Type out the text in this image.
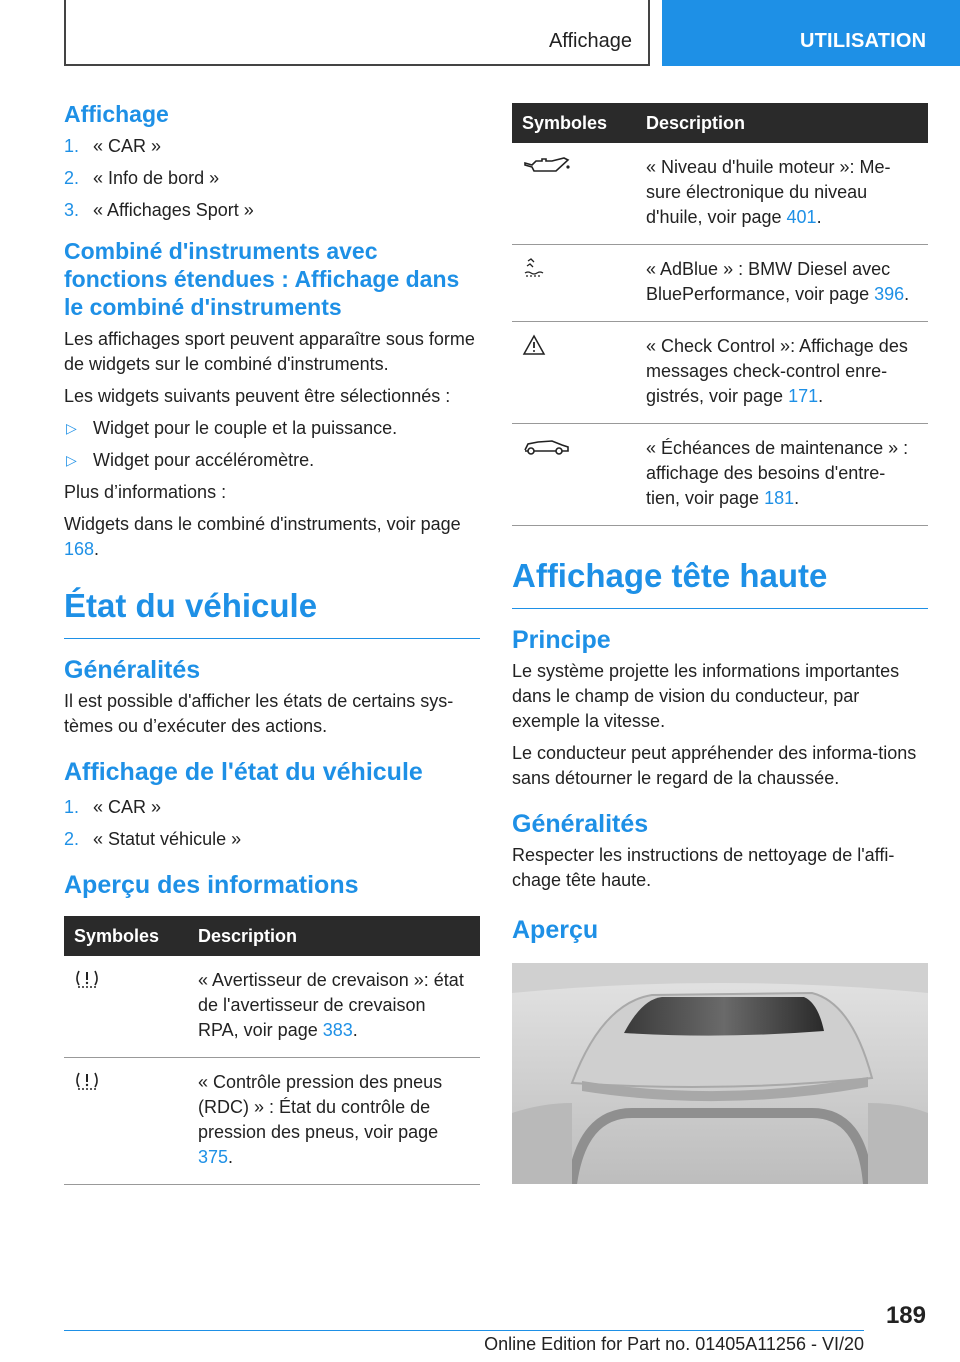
Affichage	UTILISATION
Affichage
1. « CAR »
2. « Info de bord »
3. « Affichages Sport »
Combiné d'instruments avec fonctions étendues : Affichage dans le combiné d'instruments

Les affichages sport peuvent apparaître sous forme de widgets sur le combiné d'instruments.

Les widgets suivants peuvent être sélectionnés :

▷ Widget pour le couple et la puissance.
▷ Widget pour accéléromètre.

Plus d’informations :

Widgets dans le combiné d'instruments, voir page 168.

État du véhicule
Généralités

Il est possible d'afficher les états de certains sys-tèmes ou d’exécuter des actions.

Affichage de l'état du véhicule
1. « CAR »
2. « Statut véhicule »
Aperçu des informations
Symboles	Description
	« Avertisseur de crevaison »: état de l'avertisseur de crevaison RPA, voir page 383.
	« Contrôle pression des pneus (RDC) » : État du contrôle de pression des pneus, voir page 375.
Symboles	Description
	« Niveau d'huile moteur »: Me-sure électronique du niveau d'huile, voir page 401.
	« AdBlue » : BMW Diesel avec BluePerformance, voir page 396.
	« Check Control »: Affichage des messages check-control enre-gistrés, voir page 171.
	« Échéances de maintenance » : affichage des besoins d'entre-tien, voir page 181.
Affichage tête haute
Principe

Le système projette les informations importantes dans le champ de vision du conducteur, par exemple la vitesse.

Le conducteur peut appréhender des informa-tions sans détourner le regard de la chaussée.

Généralités

Respecter les instructions de nettoyage de l'affi-chage tête haute.

Aperçu
189
Online Edition for Part no. 01405A11256 - VI/20
